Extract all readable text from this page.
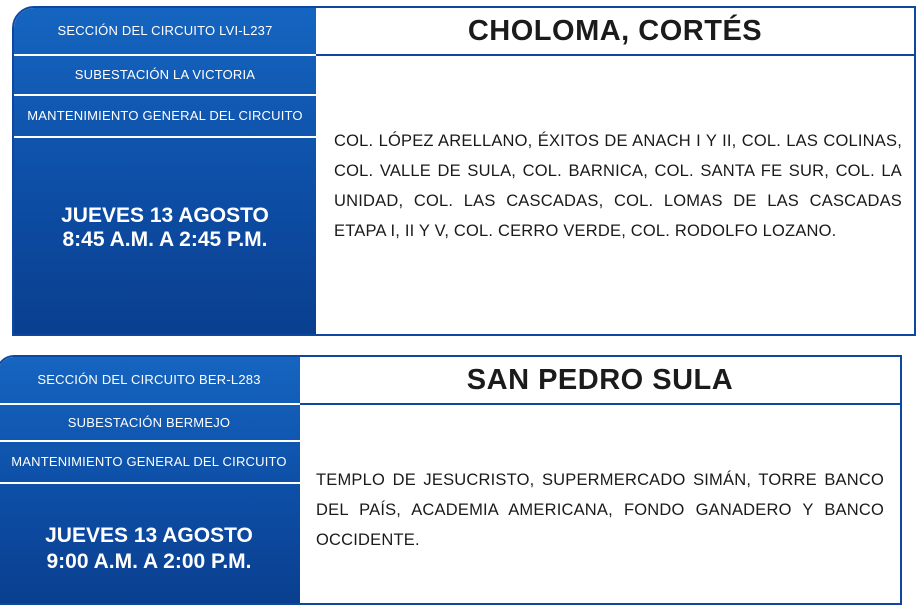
SECCIÓN DEL CIRCUITO LVI-L237
SUBESTACIÓN LA VICTORIA
MANTENIMIENTO GENERAL DEL CIRCUITO
JUEVES 13 AGOSTO
8:45 A.M. A 2:45 P.M.
CHOLOMA, CORTÉS
COL. LÓPEZ ARELLANO, ÉXITOS DE ANACH I Y II, COL. LAS COLINAS, COL. VALLE DE SULA, COL. BARNICA, COL. SANTA FE SUR, COL. LA UNIDAD, COL. LAS CASCADAS, COL. LOMAS DE LAS CASCADAS ETAPA I, II Y V, COL. CERRO VERDE, COL. RODOLFO LOZANO.
SECCIÓN DEL CIRCUITO BER-L283
SUBESTACIÓN BERMEJO
MANTENIMIENTO GENERAL DEL CIRCUITO
JUEVES 13 AGOSTO
9:00 A.M. A 2:00 P.M.
SAN PEDRO SULA
TEMPLO DE JESUCRISTO, SUPERMERCADO SIMÁN, TORRE BANCO DEL PAÍS, ACADEMIA AMERICANA, FONDO GANADERO Y BANCO OCCIDENTE.
